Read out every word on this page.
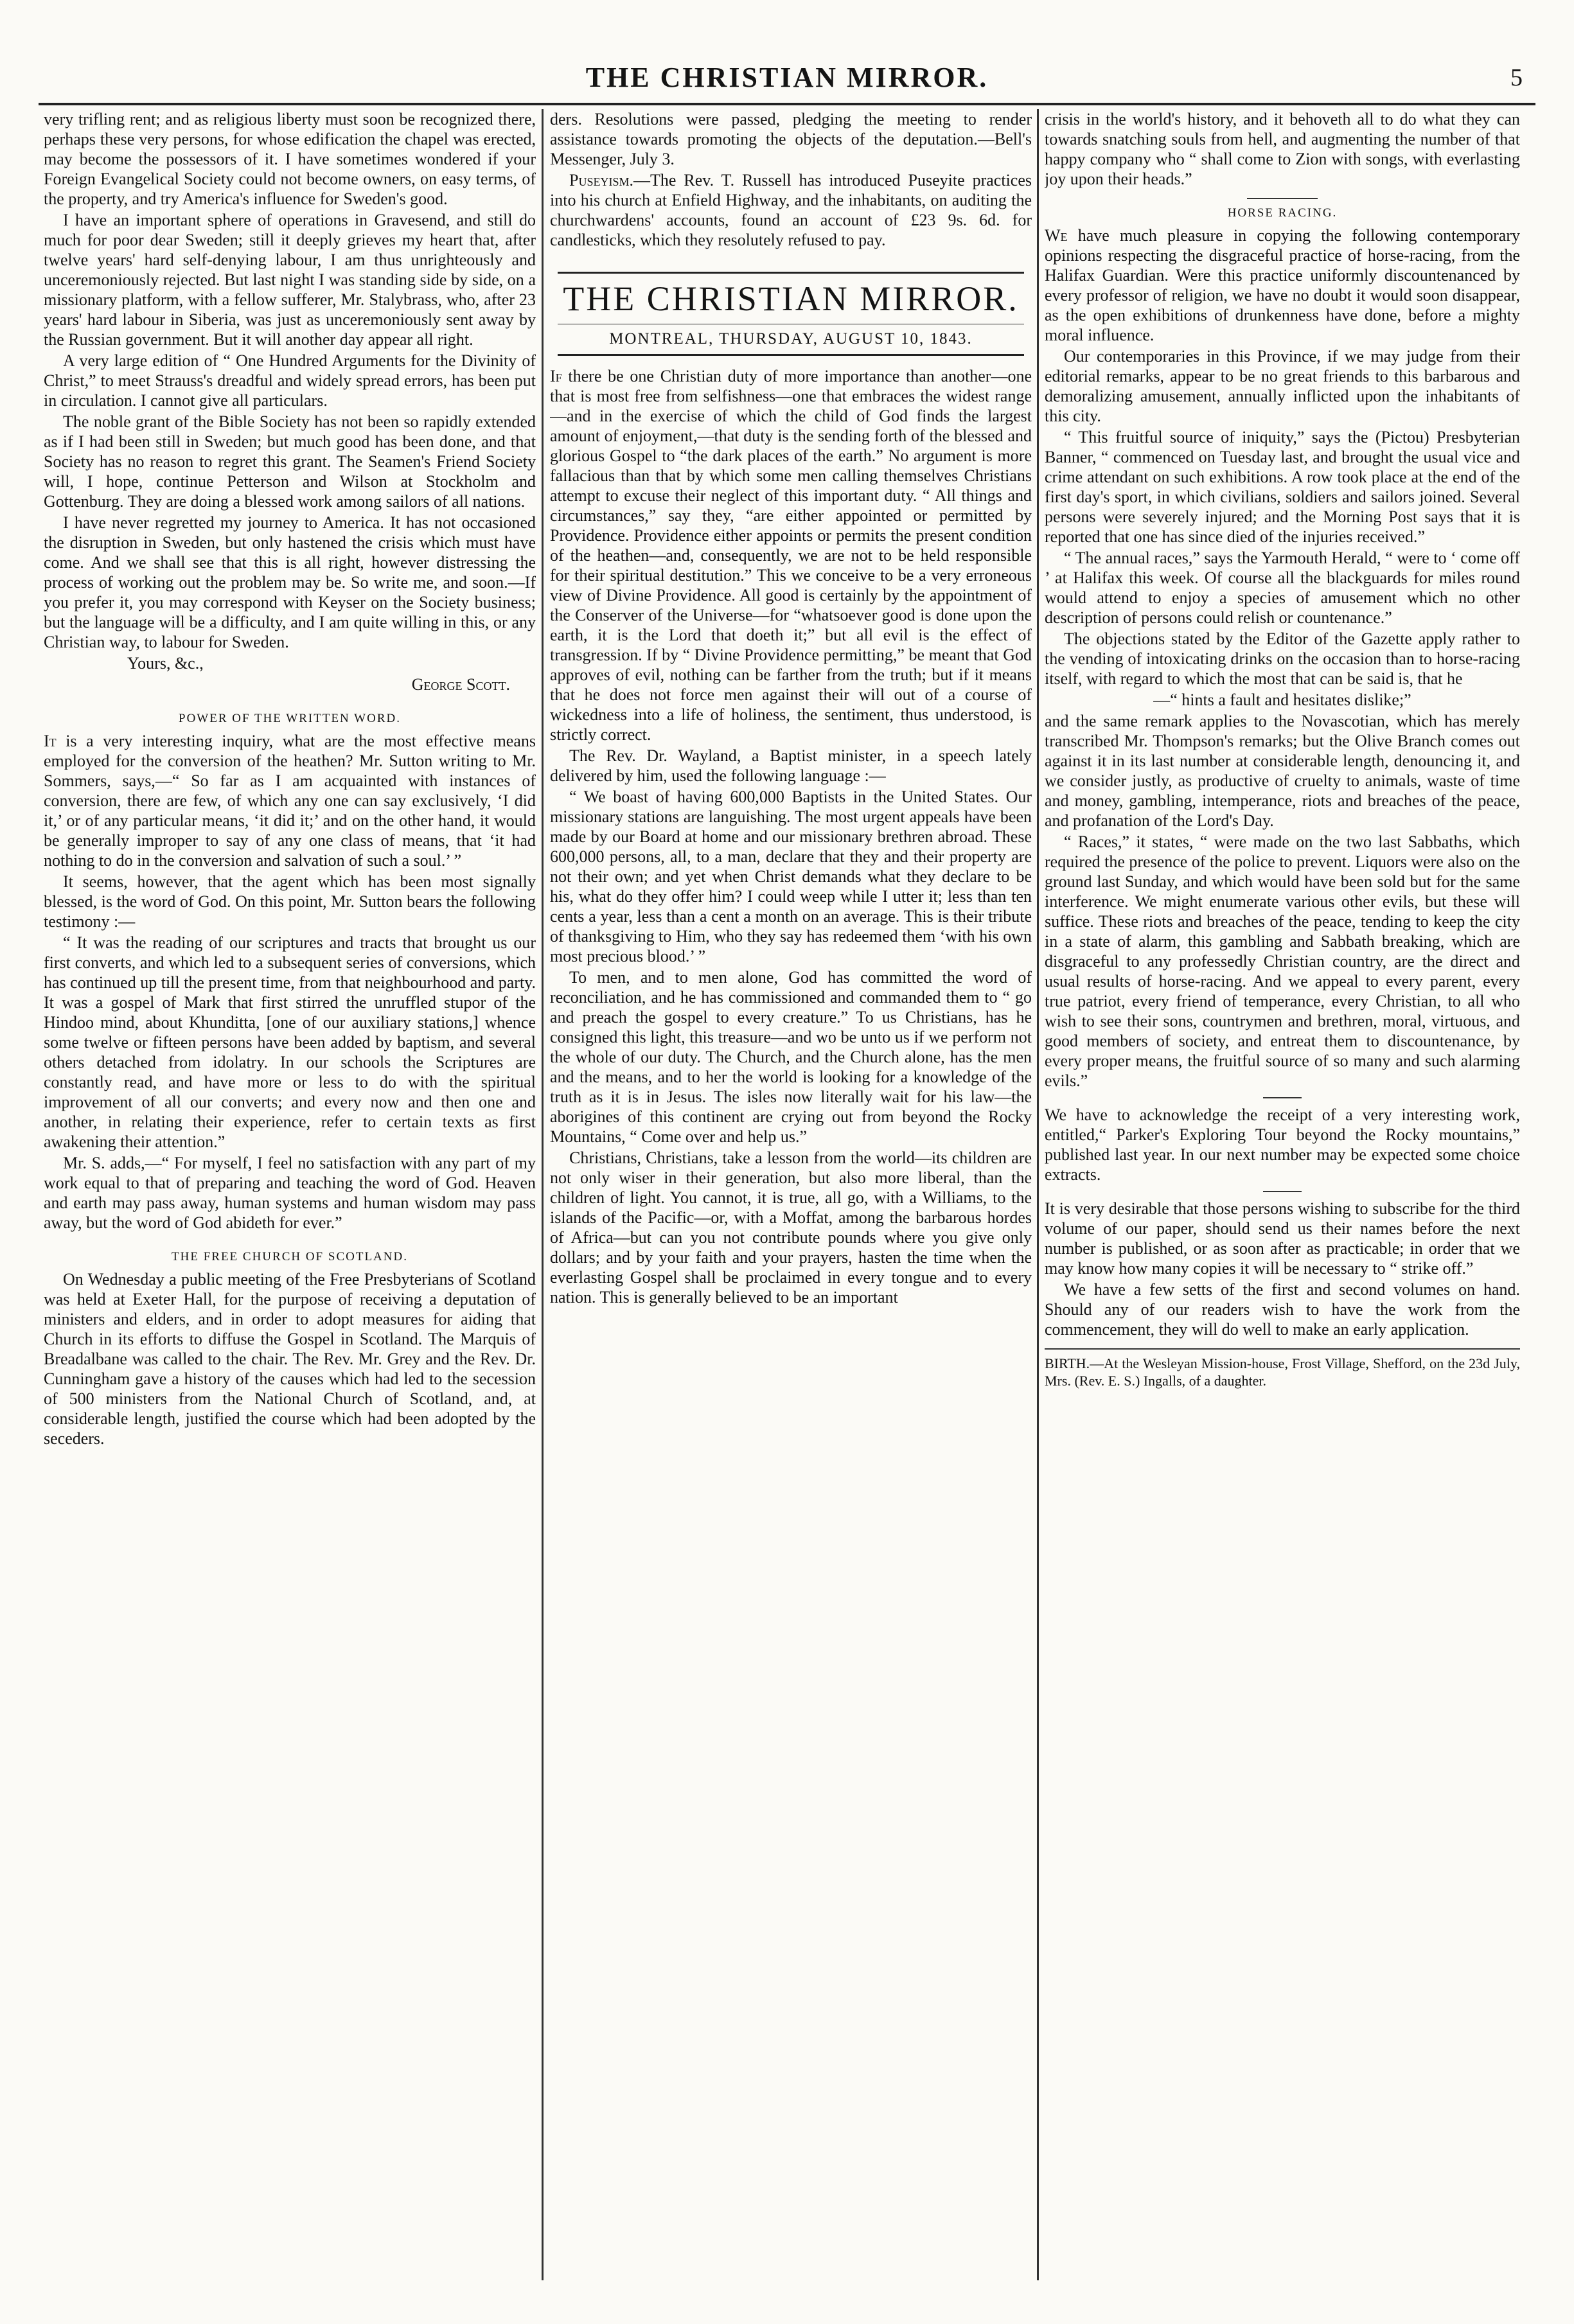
THE CHRISTIAN MIRROR.	5

very trifling rent; and as religious liberty must soon be recognized there, perhaps these very persons, for whose edification the chapel was erected, may become the possessors of it. I have sometimes wondered if your Foreign Evangelical Society could not become owners, on easy terms, of the property, and try America's influence for Sweden's good.

I have an important sphere of operations in Gravesend, and still do much for poor dear Sweden; still it deeply grieves my heart that, after twelve years' hard self-denying labour, I am thus unrighteously and unceremoniously rejected. But last night I was standing side by side, on a missionary platform, with a fellow sufferer, Mr. Stalybrass, who, after 23 years' hard labour in Siberia, was just as unceremoniously sent away by the Russian government. But it will another day appear all right.

A very large edition of “ One Hundred Arguments for the Divinity of Christ,” to meet Strauss's dreadful and widely spread errors, has been put in circulation. I cannot give all particulars.

The noble grant of the Bible Society has not been so rapidly extended as if I had been still in Sweden; but much good has been done, and that Society has no reason to regret this grant. The Seamen's Friend Society will, I hope, continue Petterson and Wilson at Stockholm and Gottenburg. They are doing a blessed work among sailors of all nations.

I have never regretted my journey to America. It has not occasioned the disruption in Sweden, but only hastened the crisis which must have come. And we shall see that this is all right, however distressing the process of working out the problem may be. So write me, and soon.—If you prefer it, you may correspond with Keyser on the Society business; but the language will be a difficulty, and I am quite willing in this, or any Christian way, to labour for Sweden.

Yours, &c.,

George Scott.

POWER OF THE WRITTEN WORD.

It is a very interesting inquiry, what are the most effective means employed for the conversion of the heathen? Mr. Sutton writing to Mr. Sommers, says,—“ So far as I am acquainted with instances of conversion, there are few, of which any one can say exclusively, ‘I did it,’ or of any particular means, ‘it did it;’ and on the other hand, it would be generally improper to say of any one class of means, that ‘it had nothing to do in the conversion and salvation of such a soul.’ ”

It seems, however, that the agent which has been most signally blessed, is the word of God. On this point, Mr. Sutton bears the following testimony :—

“ It was the reading of our scriptures and tracts that brought us our first converts, and which led to a subsequent series of conversions, which has continued up till the present time, from that neighbourhood and party. It was a gospel of Mark that first stirred the unruffled stupor of the Hindoo mind, about Khunditta, [one of our auxiliary stations,] whence some twelve or fifteen persons have been added by baptism, and several others detached from idolatry. In our schools the Scriptures are constantly read, and have more or less to do with the spiritual improvement of all our converts; and every now and then one and another, in relating their experience, refer to certain texts as first awakening their attention.”

Mr. S. adds,—“ For myself, I feel no satisfaction with any part of my work equal to that of preparing and teaching the word of God. Heaven and earth may pass away, human systems and human wisdom may pass away, but the word of God abideth for ever.”

THE FREE CHURCH OF SCOTLAND.

On Wednesday a public meeting of the Free Presbyterians of Scotland was held at Exeter Hall, for the purpose of receiving a deputation of ministers and elders, and in order to adopt measures for aiding that Church in its efforts to diffuse the Gospel in Scotland. The Marquis of Breadalbane was called to the chair. The Rev. Mr. Grey and the Rev. Dr. Cunningham gave a history of the causes which had led to the secession of 500 ministers from the National Church of Scotland, and, at considerable length, justified the course which had been adopted by the seceders.

ders. Resolutions were passed, pledging the meeting to render assistance towards promoting the objects of the deputation.—Bell's Messenger, July 3.

Puseyism.—The Rev. T. Russell has introduced Puseyite practices into his church at Enfield Highway, and the inhabitants, on auditing the churchwardens' accounts, found an account of £23 9s. 6d. for candlesticks, which they resolutely refused to pay.

THE CHRISTIAN MIRROR.
MONTREAL, THURSDAY, AUGUST 10, 1843.

If there be one Christian duty of more importance than another—one that is most free from selfishness—one that embraces the widest range—and in the exercise of which the child of God finds the largest amount of enjoyment,—that duty is the sending forth of the blessed and glorious Gospel to “the dark places of the earth.” No argument is more fallacious than that by which some men calling themselves Christians attempt to excuse their neglect of this important duty. “ All things and circumstances,” say they, “are either appointed or permitted by Providence. Providence either appoints or permits the present condition of the heathen—and, consequently, we are not to be held responsible for their spiritual destitution.” This we conceive to be a very erroneous view of Divine Providence. All good is certainly by the appointment of the Conserver of the Universe—for “whatsoever good is done upon the earth, it is the Lord that doeth it;” but all evil is the effect of transgression. If by “ Divine Providence permitting,” be meant that God approves of evil, nothing can be farther from the truth; but if it means that he does not force men against their will out of a course of wickedness into a life of holiness, the sentiment, thus understood, is strictly correct.

The Rev. Dr. Wayland, a Baptist minister, in a speech lately delivered by him, used the following language :—

“ We boast of having 600,000 Baptists in the United States. Our missionary stations are languishing. The most urgent appeals have been made by our Board at home and our missionary brethren abroad. These 600,000 persons, all, to a man, declare that they and their property are not their own; and yet when Christ demands what they declare to be his, what do they offer him? I could weep while I utter it; less than ten cents a year, less than a cent a month on an average. This is their tribute of thanksgiving to Him, who they say has redeemed them ‘with his own most precious blood.’ ”

To men, and to men alone, God has committed the word of reconciliation, and he has commissioned and commanded them to “ go and preach the gospel to every creature.” To us Christians, has he consigned this light, this treasure—and wo be unto us if we perform not the whole of our duty. The Church, and the Church alone, has the men and the means, and to her the world is looking for a knowledge of the truth as it is in Jesus. The isles now literally wait for his law—the aborigines of this continent are crying out from beyond the Rocky Mountains, “ Come over and help us.”

Christians, Christians, take a lesson from the world—its children are not only wiser in their generation, but also more liberal, than the children of light. You cannot, it is true, all go, with a Williams, to the islands of the Pacific—or, with a Moffat, among the barbarous hordes of Africa—but can you not contribute pounds where you give only dollars; and by your faith and your prayers, hasten the time when the everlasting Gospel shall be proclaimed in every tongue and to every nation. This is generally believed to be an important

crisis in the world's history, and it behoveth all to do what they can towards snatching souls from hell, and augmenting the number of that happy company who “ shall come to Zion with songs, with everlasting joy upon their heads.”

HORSE RACING.

We have much pleasure in copying the following contemporary opinions respecting the disgraceful practice of horse-racing, from the Halifax Guardian. Were this practice uniformly discountenanced by every professor of religion, we have no doubt it would soon disappear, as the open exhibitions of drunkenness have done, before a mighty moral influence.

Our contemporaries in this Province, if we may judge from their editorial remarks, appear to be no great friends to this barbarous and demoralizing amusement, annually inflicted upon the inhabitants of this city.

“ This fruitful source of iniquity,” says the (Pictou) Presbyterian Banner, “ commenced on Tuesday last, and brought the usual vice and crime attendant on such exhibitions. A row took place at the end of the first day's sport, in which civilians, soldiers and sailors joined. Several persons were severely injured; and the Morning Post says that it is reported that one has since died of the injuries received.”

“ The annual races,” says the Yarmouth Herald, “ were to ‘ come off ’ at Halifax this week. Of course all the blackguards for miles round would attend to enjoy a species of amusement which no other description of persons could relish or countenance.”

The objections stated by the Editor of the Gazette apply rather to the vending of intoxicating drinks on the occasion than to horse-racing itself, with regard to which the most that can be said is, that he

—“ hints a fault and hesitates dislike;”

and the same remark applies to the Novascotian, which has merely transcribed Mr. Thompson's remarks; but the Olive Branch comes out against it in its last number at considerable length, denouncing it, and we consider justly, as productive of cruelty to animals, waste of time and money, gambling, intemperance, riots and breaches of the peace, and profanation of the Lord's Day.

“ Races,” it states, “ were made on the two last Sabbaths, which required the presence of the police to prevent. Liquors were also on the ground last Sunday, and which would have been sold but for the same interference. We might enumerate various other evils, but these will suffice. These riots and breaches of the peace, tending to keep the city in a state of alarm, this gambling and Sabbath breaking, which are disgraceful to any professedly Christian country, are the direct and usual results of horse-racing. And we appeal to every parent, every true patriot, every friend of temperance, every Christian, to all who wish to see their sons, countrymen and brethren, moral, virtuous, and good members of society, and entreat them to discountenance, by every proper means, the fruitful source of so many and such alarming evils.”

We have to acknowledge the receipt of a very interesting work, entitled,“ Parker's Exploring Tour beyond the Rocky mountains,” published last year. In our next number may be expected some choice extracts.

It is very desirable that those persons wishing to subscribe for the third volume of our paper, should send us their names before the next number is published, or as soon after as practicable; in order that we may know how many copies it will be necessary to “ strike off.”

We have a few setts of the first and second volumes on hand. Should any of our readers wish to have the work from the commencement, they will do well to make an early application.

BIRTH.—At the Wesleyan Mission-house, Frost Village, Shefford, on the 23d July, Mrs. (Rev. E. S.) Ingalls, of a daughter.
